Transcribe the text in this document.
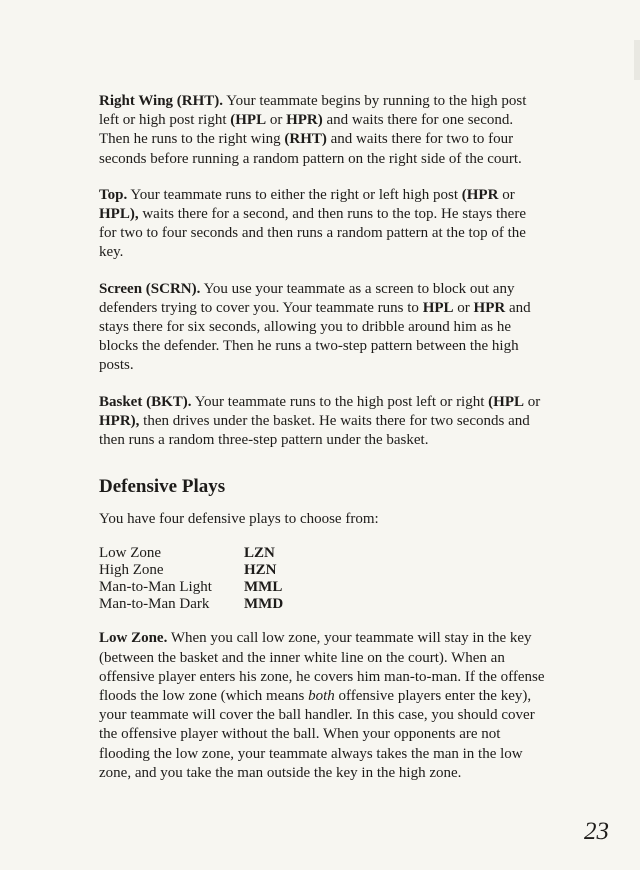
Right Wing (RHT). Your teammate begins by running to the high post left or high post right (HPL or HPR) and waits there for one second. Then he runs to the right wing (RHT) and waits there for two to four seconds before running a random pattern on the right side of the court.

Top. Your teammate runs to either the right or left high post (HPR or HPL), waits there for a second, and then runs to the top. He stays there for two to four seconds and then runs a random pattern at the top of the key.

Screen (SCRN). You use your teammate as a screen to block out any defenders trying to cover you. Your teammate runs to HPL or HPR and stays there for six seconds, allowing you to dribble around him as he blocks the defender. Then he runs a two-step pattern between the high posts.

Basket (BKT). Your teammate runs to the high post left or right (HPL or HPR), then drives under the basket. He waits there for two seconds and then runs a random three-step pattern under the basket.

Defensive Plays

You have four defensive plays to choose from:

Low Zone	LZN
High Zone	HZN
Man-to-Man Light	MML
Man-to-Man Dark	MMD

Low Zone. When you call low zone, your teammate will stay in the key (between the basket and the inner white line on the court). When an offensive player enters his zone, he covers him man-to-man. If the offense floods the low zone (which means both offensive players enter the key), your teammate will cover the ball handler. In this case, you should cover the offensive player without the ball. When your opponents are not flooding the low zone, your teammate always takes the man in the low zone, and you take the man outside the key in the high zone.

23
